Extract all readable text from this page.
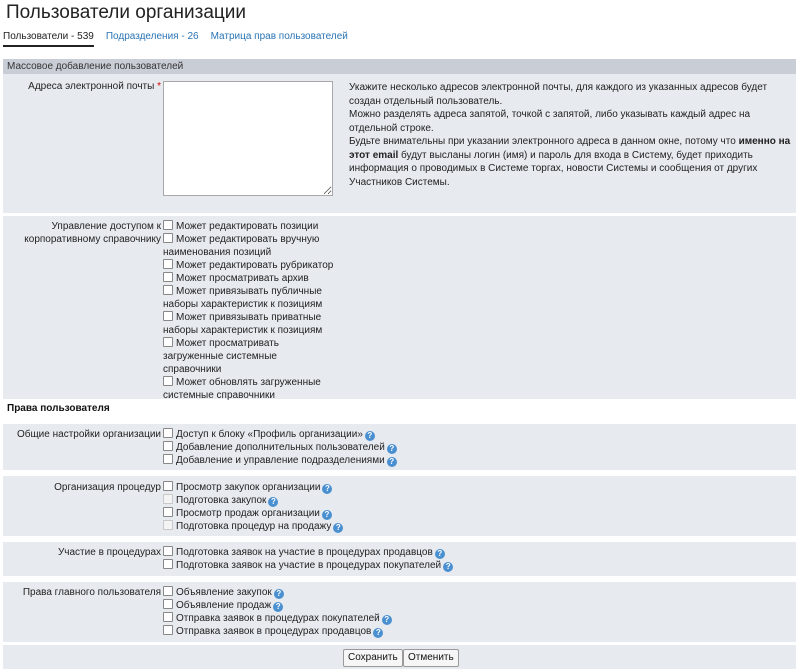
Пользователи организации
Пользователи - 539 Подразделения - 26 Матрица прав пользователей
Массовое добавление пользователей
Адреса электронной почты *	Укажите несколько адресов электронной почты, для каждого из указанных адресов будет создан отдельный пользователь.
Можно разделять адреса запятой, точкой с запятой, либо указывать каждый адрес на отдельной строке.
Будьте внимательны при указании электронного адреса в данном окне, потому что именно на этот email будут высланы логин (имя) и пароль для входа в Систему, будет приходить информация о проводимых в Системе торгах, новости Системы и сообщения от других Участников Системы.
Управление доступом к корпоративному справочнику
Может редактировать позиции
Может редактировать вручную наименования позиций
Может редактировать рубрикатор
Может просматривать архив
Может привязывать публичные наборы характеристик к позициям
Может привязывать приватные наборы характеристик к позициям
Может просматривать загруженные системные справочники
Может обновлять загруженные системные справочники
Права пользователя
Общие настройки организации	Доступ к блоку «Профиль организации» ?
Добавление дополнительных пользователей ?
Добавление и управление подразделениями ?
Организация процедур	Просмотр закупок организации ?
Подготовка закупок ?
Просмотр продаж организации ?
Подготовка процедур на продажу ?
Участие в процедурах	Подготовка заявок на участие в процедурах продавцов ?
Подготовка заявок на участие в процедурах покупателей ?
Права главного пользователя	Объявление закупок ?
Объявление продаж ?
Отправка заявок в процедурах покупателей ?
Отправка заявок в процедурах продавцов ?
Сохранить	Отменить
